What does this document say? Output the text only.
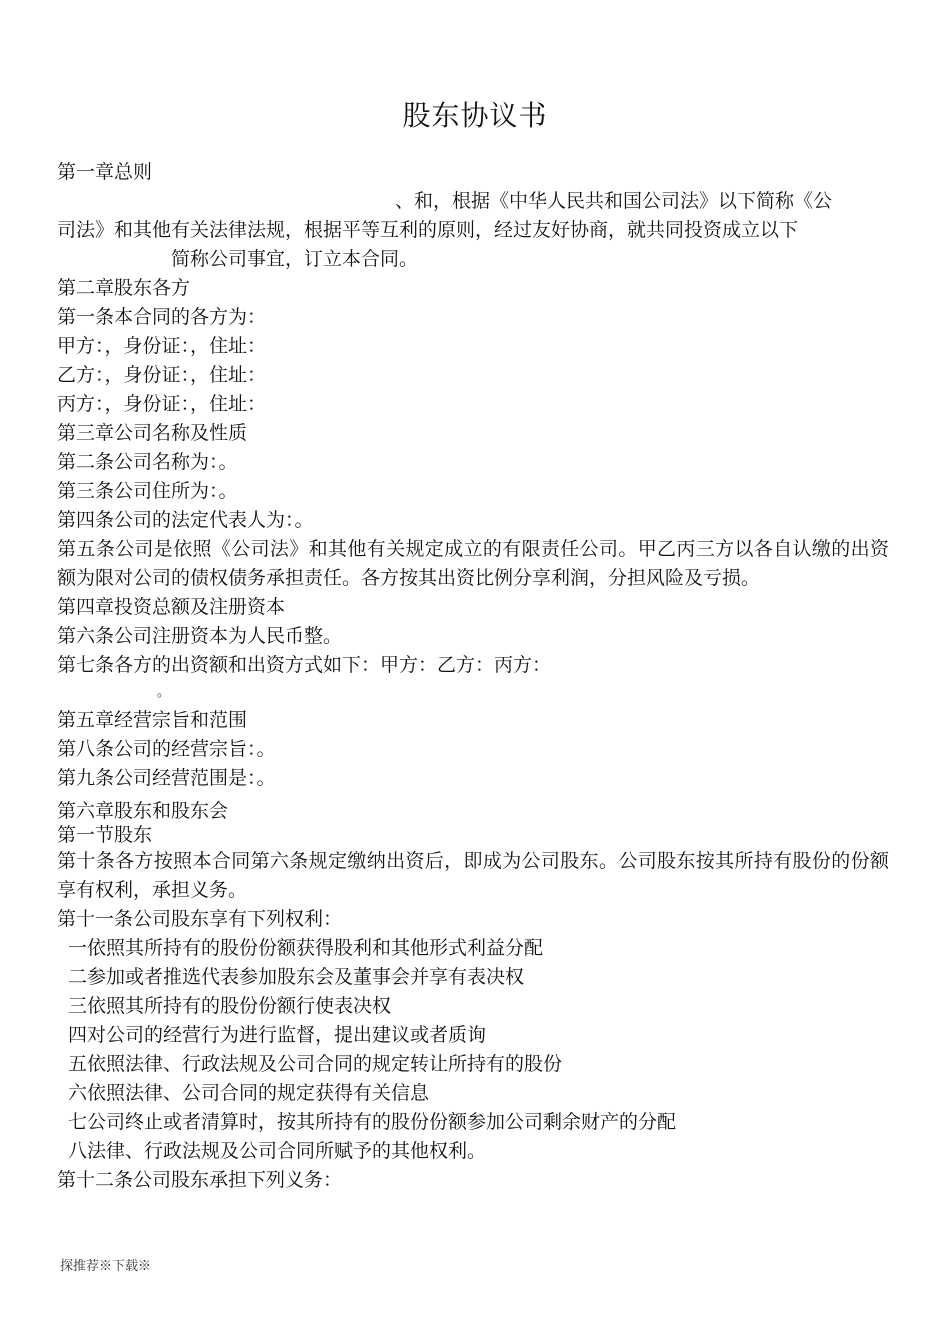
股东协议书
第一章总则
、和，根据《中华人民共和国公司法》以下简称《公
司法》和其他有关法律法规，根据平等互利的原则，经过友好协商，就共同投资成立以下
简称公司事宜，订立本合同。
第二章股东各方
第一条本合同的各方为：
甲方：，身份证：，住址：
乙方：，身份证：，住址：
丙方：，身份证：，住址：
第三章公司名称及性质
第二条公司名称为：。
第三条公司住所为：。
第四条公司的法定代表人为：。
第五条公司是依照《公司法》和其他有关规定成立的有限责任公司。甲乙丙三方以各自认缴的出资额为限对公司的债权债务承担责任。各方按其出资比例分享利润，分担风险及亏损。
第四章投资总额及注册资本
第六条公司注册资本为人民币整。
第七条各方的出资额和出资方式如下：甲方：乙方：丙方：
。
第五章经营宗旨和范围
第八条公司的经营宗旨：。
第九条公司经营范围是：。
第六章股东和股东会
第一节股东
第十条各方按照本合同第六条规定缴纳出资后，即成为公司股东。公司股东按其所持有股份的份额享有权利，承担义务。
第十一条公司股东享有下列权利：
一依照其所持有的股份份额获得股利和其他形式利益分配
二参加或者推选代表参加股东会及董事会并享有表决权
三依照其所持有的股份份额行使表决权
四对公司的经营行为进行监督，提出建议或者质询
五依照法律、行政法规及公司合同的规定转让所持有的股份
六依照法律、公司合同的规定获得有关信息
七公司终止或者清算时，按其所持有的股份份额参加公司剩余财产的分配
八法律、行政法规及公司合同所赋予的其他权利。
第十二条公司股东承担下列义务：
探推荐※下载※
